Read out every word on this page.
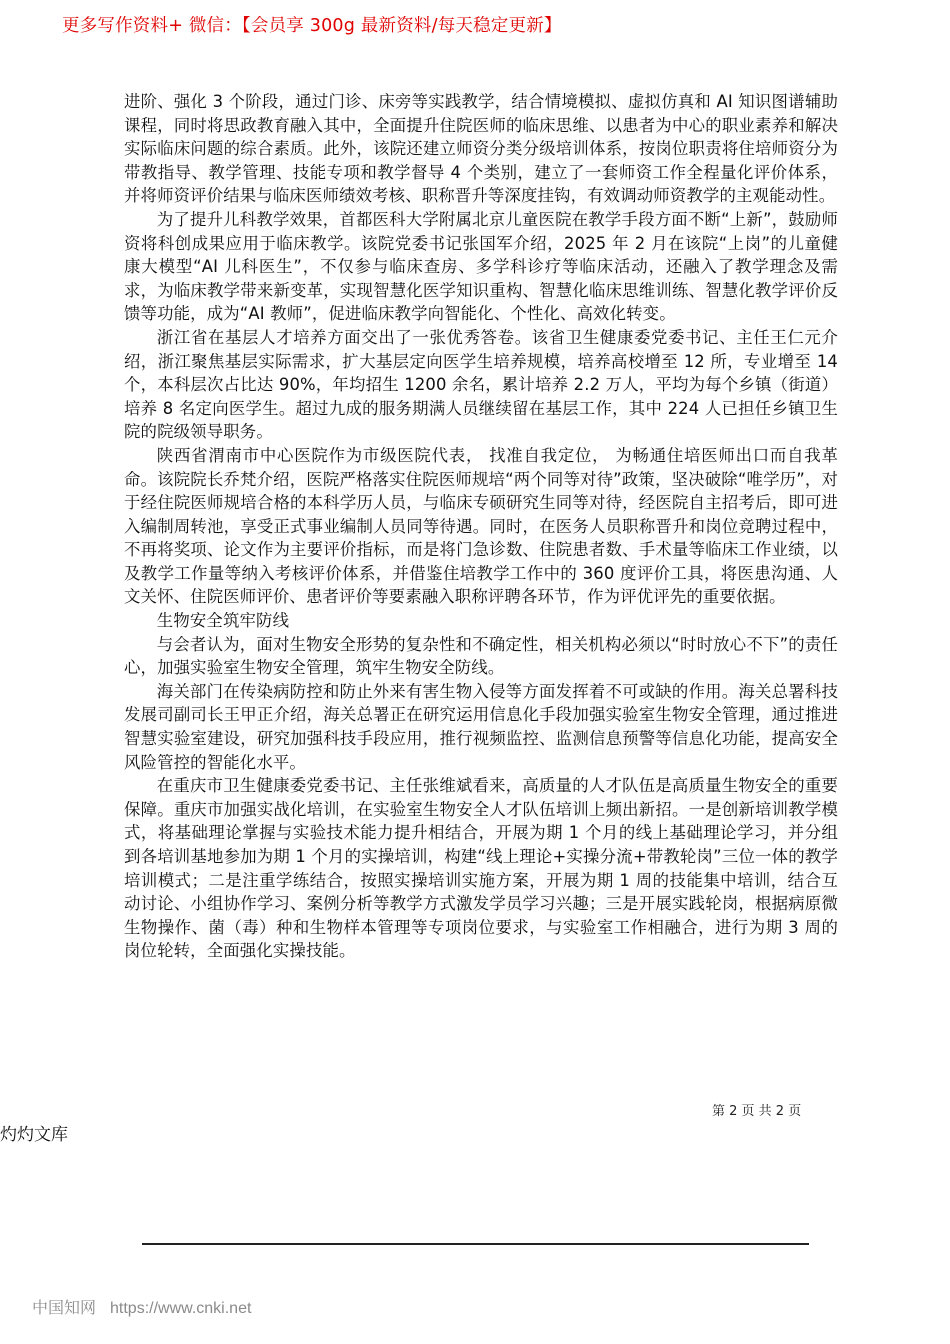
更多写作资料+ 微信：【会员享 300g 最新资料/每天稳定更新】

进阶、强化 3 个阶段，通过门诊、床旁等实践教学，结合情境模拟、虚拟仿真和 AI 知识图谱辅助课程，同时将思政教育融入其中，全面提升住院医师的临床思维、以患者为中心的职业素养和解决实际临床问题的综合素质。此外，该院还建立师资分类分级培训体系，按岗位职责将住培师资分为带教指导、教学管理、技能专项和教学督导 4 个类别，建立了一套师资工作全程量化评价体系，并将师资评价结果与临床医师绩效考核、职称晋升等深度挂钩，有效调动师资教学的主观能动性。

为了提升儿科教学效果，首都医科大学附属北京儿童医院在教学手段方面不断“上新”，鼓励师资将科创成果应用于临床教学。该院党委书记张国军介绍，2025 年 2 月在该院“上岗”的儿童健康大模型“AI 儿科医生”，不仅参与临床查房、多学科诊疗等临床活动，还融入了教学理念及需求，为临床教学带来新变革，实现智慧化医学知识重构、智慧化临床思维训练、智慧化教学评价反馈等功能，成为“AI 教师”，促进临床教学向智能化、个性化、高效化转变。

浙江省在基层人才培养方面交出了一张优秀答卷。该省卫生健康委党委书记、主任王仁元介绍，浙江聚焦基层实际需求，扩大基层定向医学生培养规模，培养高校增至 12 所，专业增至 14 个，本科层次占比达 90%，年均招生 1200 余名，累计培养 2.2 万人，平均为每个乡镇（街道）培养 8 名定向医学生。超过九成的服务期满人员继续留在基层工作，其中 224 人已担任乡镇卫生院的院级领导职务。

陕西省渭南市中心医院作为市级医院代表， 找准自我定位， 为畅通住培医师出口而自我革命。该院院长乔梵介绍，医院严格落实住院医师规培“两个同等对待”政策，坚决破除“唯学历”，对于经住院医师规培合格的本科学历人员，与临床专硕研究生同等对待，经医院自主招考后，即可进入编制周转池，享受正式事业编制人员同等待遇。同时，在医务人员职称晋升和岗位竞聘过程中，不再将奖项、论文作为主要评价指标，而是将门急诊数、住院患者数、手术量等临床工作业绩，以及教学工作量等纳入考核评价体系，并借鉴住培教学工作中的 360 度评价工具，将医患沟通、人文关怀、住院医师评价、患者评价等要素融入职称评聘各环节，作为评优评先的重要依据。

生物安全筑牢防线

与会者认为，面对生物安全形势的复杂性和不确定性，相关机构必须以“时时放心不下”的责任心，加强实验室生物安全管理，筑牢生物安全防线。

海关部门在传染病防控和防止外来有害生物入侵等方面发挥着不可或缺的作用。海关总署科技发展司副司长王甲正介绍，海关总署正在研究运用信息化手段加强实验室生物安全管理，通过推进智慧实验室建设，研究加强科技手段应用，推行视频监控、监测信息预警等信息化功能，提高安全风险管控的智能化水平。

在重庆市卫生健康委党委书记、主任张维斌看来，高质量的人才队伍是高质量生物安全的重要保障。重庆市加强实战化培训，在实验室生物安全人才队伍培训上频出新招。一是创新培训教学模式，将基础理论掌握与实验技术能力提升相结合，开展为期 1 个月的线上基础理论学习，并分组到各培训基地参加为期 1 个月的实操培训，构建“线上理论+实操分流+带教轮岗”三位一体的教学培训模式；二是注重学练结合，按照实操培训实施方案，开展为期 1 周的技能集中培训，结合互动讨论、小组协作学习、案例分析等教学方式激发学员学习兴趣；三是开展实践轮岗，根据病原微生物操作、菌（毒）种和生物样本管理等专项岗位要求，与实验室工作相融合，进行为期 3 周的岗位轮转，全面强化实操技能。

第 2 页 共 2 页
灼灼文库
中国知网 https://www.cnki.net
